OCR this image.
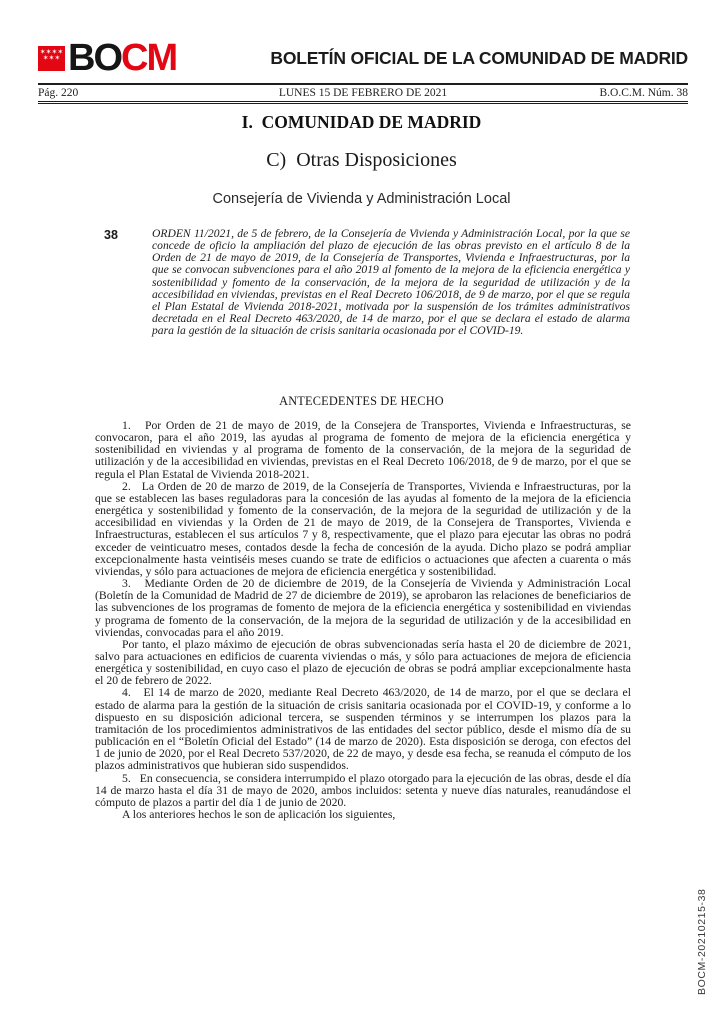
✶✶✶✶
✶✶✶ BOCM	BOLETÍN OFICIAL DE LA COMUNIDAD DE MADRID
Pág. 220	LUNES 15 DE FEBRERO DE 2021	B.O.C.M. Núm. 38
I.  COMUNIDAD DE MADRID
C)  Otras Disposiciones
Consejería de Vivienda y Administración Local
38	ORDEN 11/2021, de 5 de febrero, de la Consejería de Vivienda y Administración Local, por la que se concede de oficio la ampliación del plazo de ejecución de las obras previsto en el artículo 8 de la Orden de 21 de mayo de 2019, de la Consejería de Transportes, Vivienda e Infraestructuras, por la que se convocan subvenciones para el año 2019 al fomento de la mejora de la eficiencia energética y sostenibilidad y fomento de la conservación, de la mejora de la seguridad de utilización y de la accesibilidad en viviendas, previstas en el Real Decreto 106/2018, de 9 de marzo, por el que se regula el Plan Estatal de Vivienda 2018-2021, motivada por la suspensión de los trámites administrativos decretada en el Real Decreto 463/2020, de 14 de marzo, por el que se declara el estado de alarma para la gestión de la situación de crisis sanitaria ocasionada por el COVID-19.

ANTECEDENTES DE HECHO

1.   Por Orden de 21 de mayo de 2019, de la Consejera de Transportes, Vivienda e Infraestructuras, se convocaron, para el año 2019, las ayudas al programa de fomento de mejora de la eficiencia energética y sostenibilidad en viviendas y al programa de fomento de la conservación, de la mejora de la seguridad de utilización y de la accesibilidad en viviendas, previstas en el Real Decreto 106/2018, de 9 de marzo, por el que se regula el Plan Estatal de Vivienda 2018-2021.

2.   La Orden de 20 de marzo de 2019, de la Consejería de Transportes, Vivienda e Infraestructuras, por la que se establecen las bases reguladoras para la concesión de las ayudas al fomento de la mejora de la eficiencia energética y sostenibilidad y fomento de la conservación, de la mejora de la seguridad de utilización y de la accesibilidad en viviendas y la Orden de 21 de mayo de 2019, de la Consejera de Transportes, Vivienda e Infraestructuras, establecen el sus artículos 7 y 8, respectivamente, que el plazo para ejecutar las obras no podrá exceder de veinticuatro meses, contados desde la fecha de concesión de la ayuda. Dicho plazo se podrá ampliar excepcionalmente hasta veintiséis meses cuando se trate de edificios o actuaciones que afecten a cuarenta o más viviendas, y sólo para actuaciones de mejora de eficiencia energética y sostenibilidad.

3.   Mediante Orden de 20 de diciembre de 2019, de la Consejería de Vivienda y Administración Local (Boletín de la Comunidad de Madrid de 27 de diciembre de 2019), se aprobaron las relaciones de beneficiarios de las subvenciones de los programas de fomento de mejora de la eficiencia energética y sostenibilidad en viviendas y programa de fomento de la conservación, de la mejora de la seguridad de utilización y de la accesibilidad en viviendas, convocadas para el año 2019.

Por tanto, el plazo máximo de ejecución de obras subvencionadas sería hasta el 20 de diciembre de 2021, salvo para actuaciones en edificios de cuarenta viviendas o más, y sólo para actuaciones de mejora de eficiencia energética y sostenibilidad, en cuyo caso el plazo de ejecución de obras se podrá ampliar excepcionalmente hasta el 20 de febrero de 2022.

4.   El 14 de marzo de 2020, mediante Real Decreto 463/2020, de 14 de marzo, por el que se declara el estado de alarma para la gestión de la situación de crisis sanitaria ocasionada por el COVID-19, y conforme a lo dispuesto en su disposición adicional tercera, se suspenden términos y se interrumpen los plazos para la tramitación de los procedimientos administrativos de las entidades del sector público, desde el mismo día de su publicación en el “Boletín Oficial del Estado” (14 de marzo de 2020). Esta disposición se deroga, con efectos del 1 de junio de 2020, por el Real Decreto 537/2020, de 22 de mayo, y desde esa fecha, se reanuda el cómputo de los plazos administrativos que hubieran sido suspendidos.

5.   En consecuencia, se considera interrumpido el plazo otorgado para la ejecución de las obras, desde el día 14 de marzo hasta el día 31 de mayo de 2020, ambos incluidos: setenta y nueve días naturales, reanudándose el cómputo de plazos a partir del día 1 de junio de 2020.

A los anteriores hechos le son de aplicación los siguientes,

BOCM-20210215-38
